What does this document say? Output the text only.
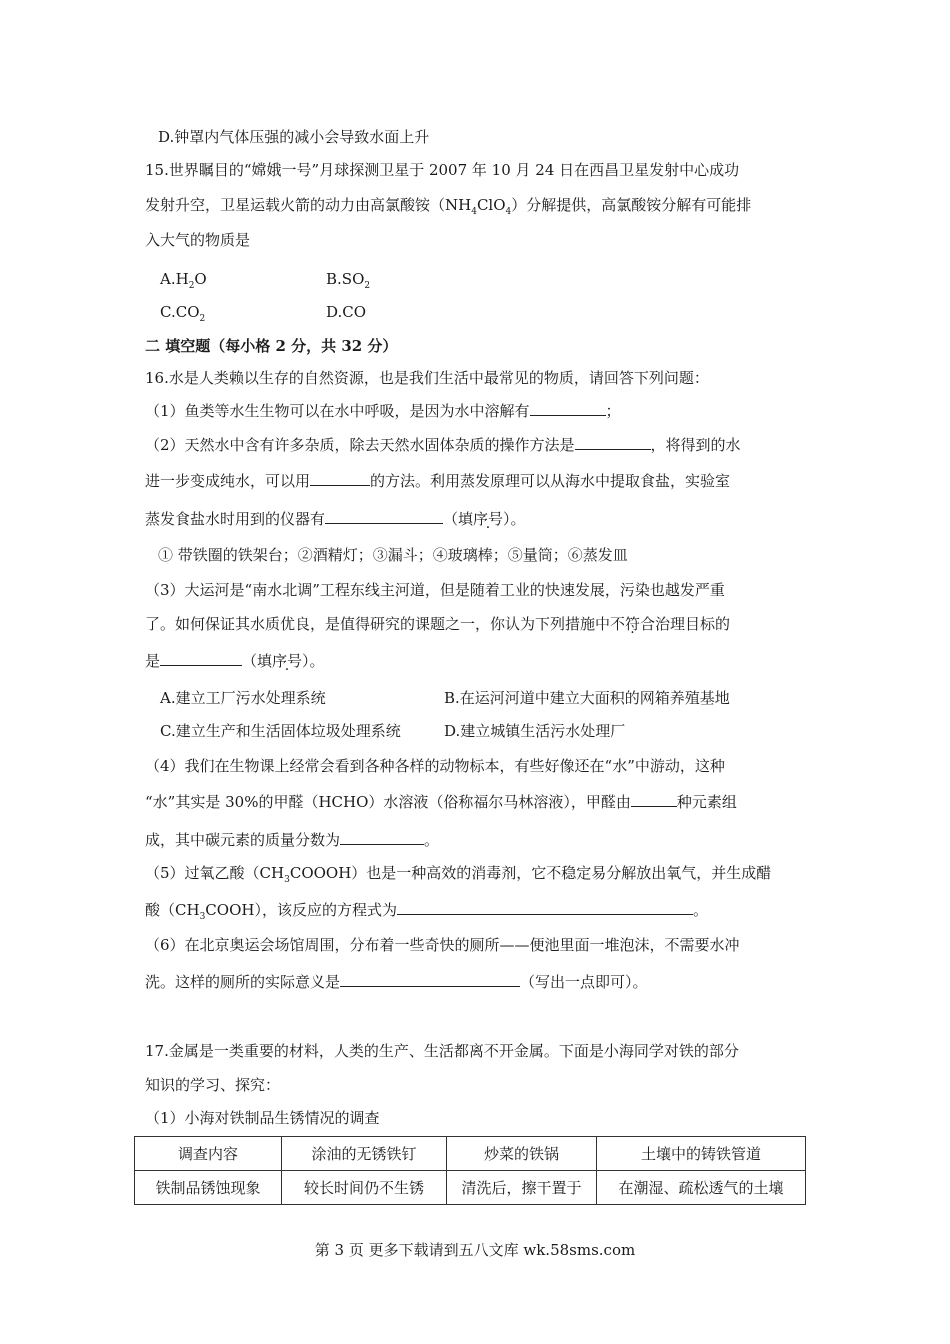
D.钟罩内气体压强的减小会导致水面上升
15.世界瞩目的“嫦娥一号”月球探测卫星于 2007 年 10 月 24 日在西昌卫星发射中心成功
发射升空，卫星运载火箭的动力由高氯酸铵$(NH_4ClO_4)$分解提供，高氯酸铵分解有可能排
入大气的物质是
$A.H_2O$	$B.SO_2$
$C.CO_2$	D.CO
二 填空题（每小格 2 分，共 32 分）
16.水是人类赖以生存的自然资源，也是我们生活中最常见的物质，请回答下列问题：
（1）鱼类等水生生物可以在水中呼吸，是因为水中溶解有	；
（2）天然水中含有许多杂质，除去天然水固体杂质的操作方法是	，将得到的水
进一步变成纯水，可以用	的方法。利用蒸发原理可以从海水中提取食盐，实验室
蒸发食盐水时用到的仪器有	（填序号）。
① 带铁圈的铁架台；②酒精灯；③漏斗；④玻璃棒；⑤量筒；⑥蒸发皿
（3）大运河是“南水北调”工程东线主河道，但是随着工业的快速发展，污染也越发严重
了。如何保证其水质优良，是值得研究的课题之一，你认为下列措施中不符合治理目标的
是	（填序号）。
A.建立工厂污水处理系统	B.在运河河道中建立大面积的网箱养殖基地
C.建立生产和生活固体垃圾处理系统	D.建立城镇生活污水处理厂
（4）我们在生物课上经常会看到各种各样的动物标本，有些好像还在“水”中游动，这种
“水”其实是 30%的甲醛（HCHO）水溶液（俗称福尔马林溶液），甲醛由	种元素组
成，其中碳元素的质量分数为	。
（5）过氧乙酸$(CH_3COOOH)$也是一种高效的消毒剂，它不稳定易分解放出氧气，并生成醋
酸$(CH_3COOH)$，该反应的方程式为	。
（6）在北京奥运会场馆周围，分布着一些奇快的厕所——便池里面一堆泡沫，不需要水冲
洗。这样的厕所的实际意义是	（写出一点即可）。
17.金属是一类重要的材料，人类的生产、生活都离不开金属。下面是小海同学对铁的部分
知识的学习、探究：
（1）小海对铁制品生锈情况的调查
调查内容	涂油的无锈铁钉	炒菜的铁锅	土壤中的铸铁管道
铁制品锈蚀现象	较长时间仍不生锈	清洗后，擦干置于	在潮湿、疏松透气的土壤
第 3 页 更多下载请到五八文库 wk.58sms.com
